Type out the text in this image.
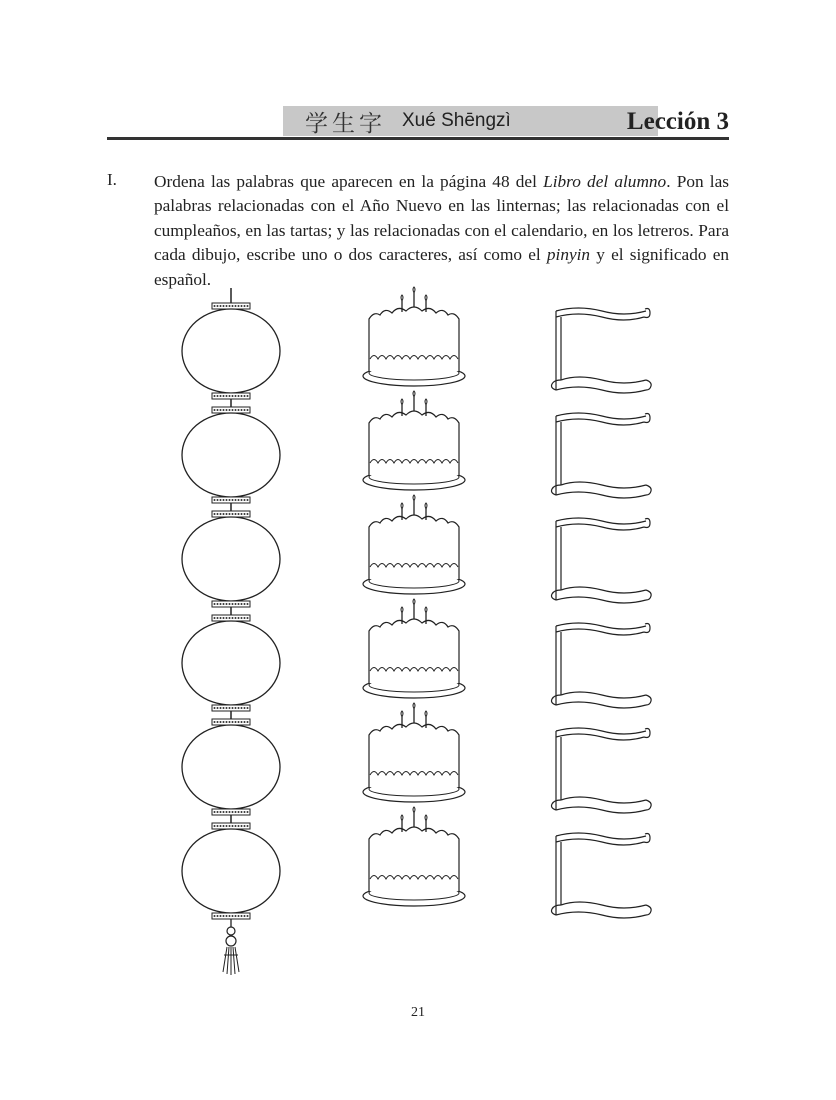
学生字 Xué Shēngzì	Lección 3
I. Ordena las palabras que aparecen en la página 48 del Libro del alumno. Pon las palabras relacionadas con el Año Nuevo en las linternas; las relacionadas con el cumpleaños, en las tartas; y las relacionadas con el calendario, en los letreros. Para cada dibujo, escribe uno o dos caracteres, así como el pinyin y el significado en español.
21
